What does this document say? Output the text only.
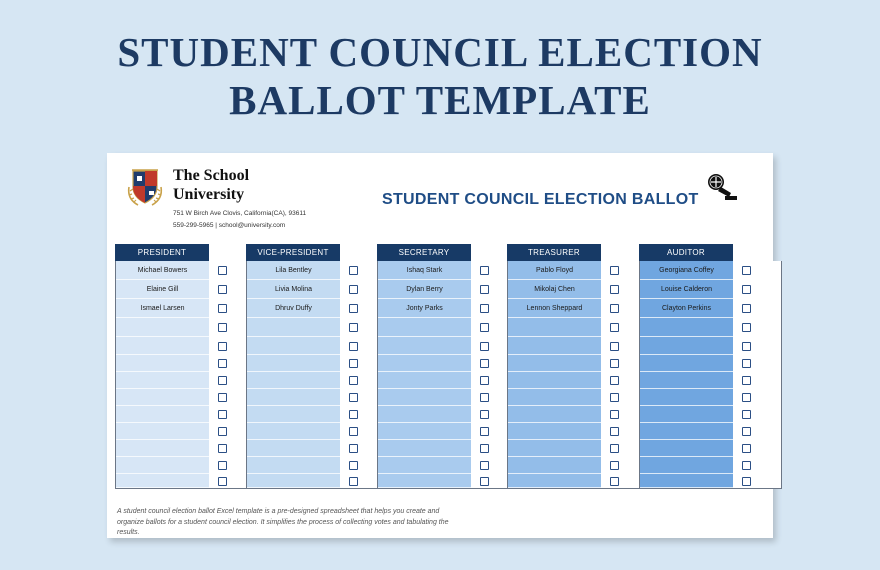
STUDENT COUNCIL ELECTION
BALLOT TEMPLATE
The School
University
751 W Birch Ave Clovis, California(CA), 93611
559-299-5965 | school@university.com
STUDENT COUNCIL ELECTION BALLOT
PRESIDENT
Michael Bowers
Elaine Gill
Ismael Larsen
VICE-PRESIDENT
Lila Bentley
Livia Molina
Dhruv Duffy
SECRETARY
Ishaq Stark
Dylan Berry
Jonty Parks
TREASURER
Pablo Floyd
Mikolaj Chen
Lennon Sheppard
AUDITOR
Georgiana Coffey
Louise Calderon
Clayton Perkins
A student council election ballot Excel template is a pre-designed spreadsheet that helps you create and organize ballots for a student council election. It simplifies the process of collecting votes and tabulating the results.
